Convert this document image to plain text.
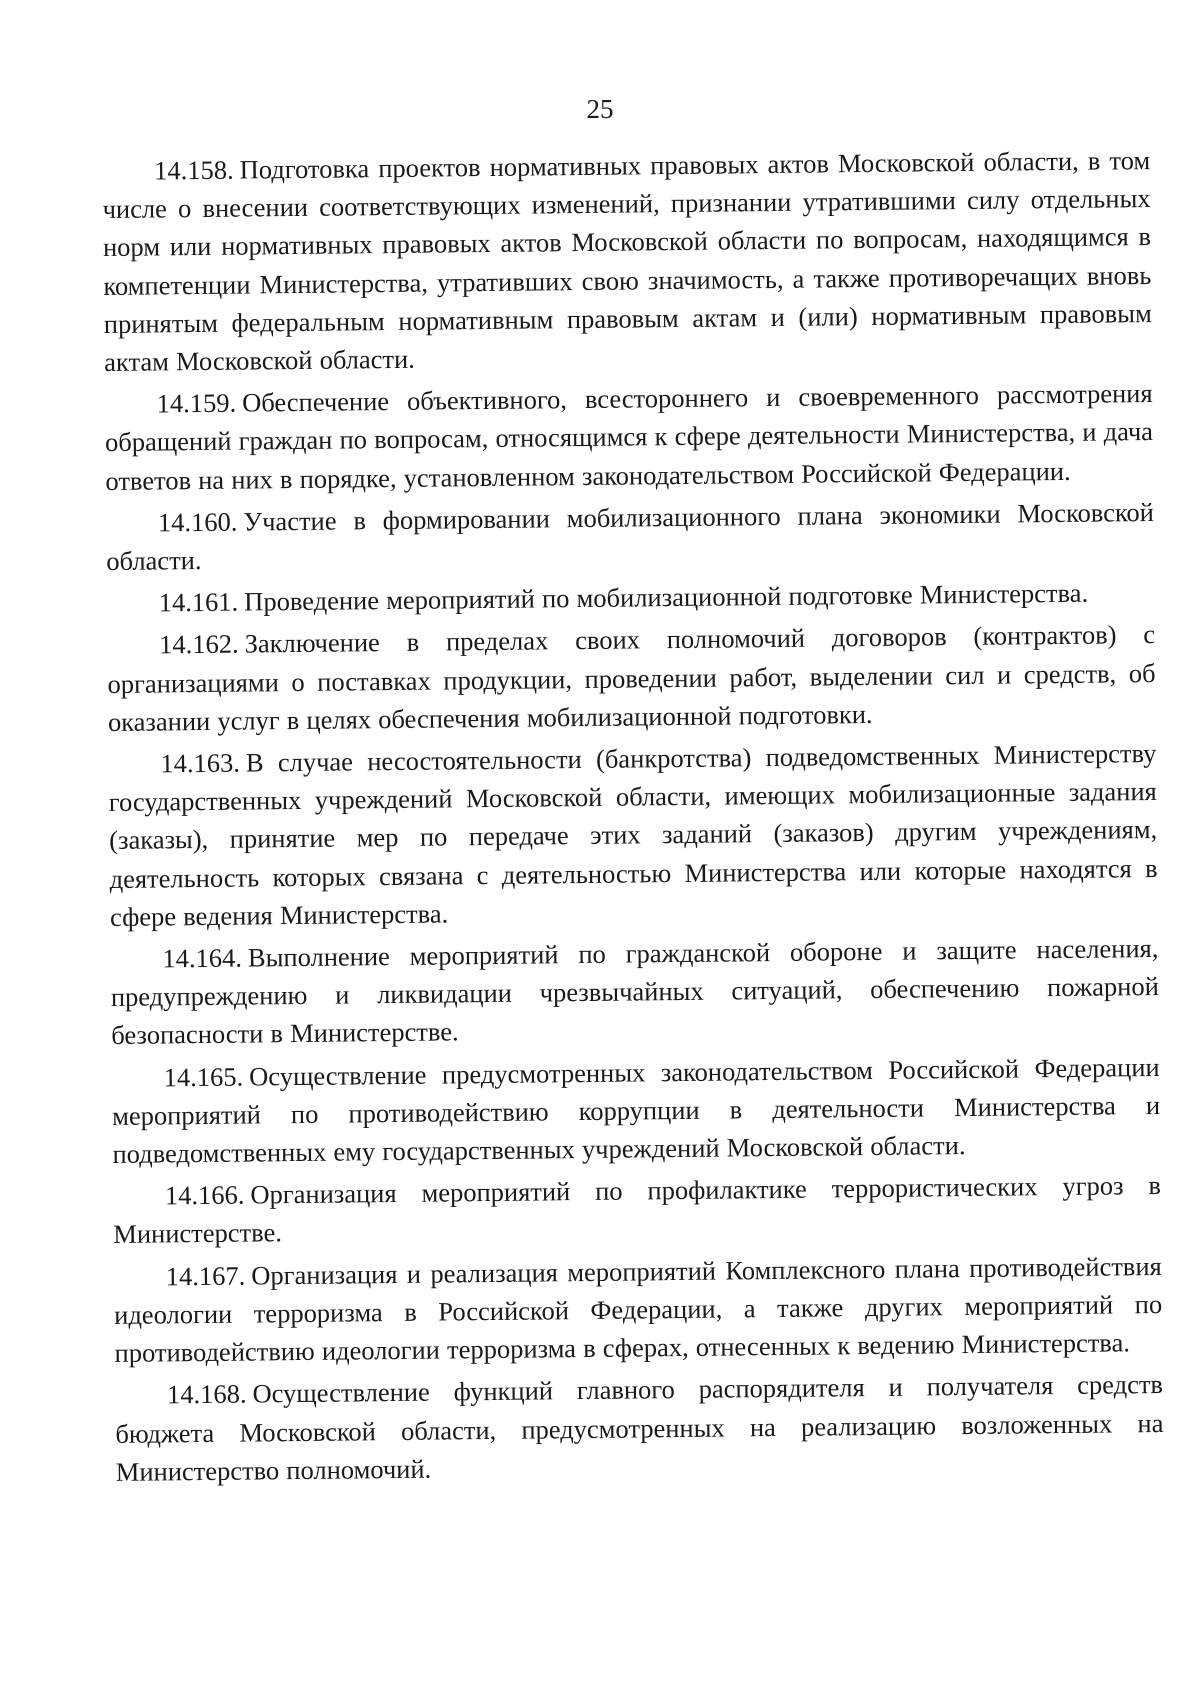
25

14.158. Подготовка проектов нормативных правовых актов Московской области, в том числе о внесении соответствующих изменений, признании утратившими силу отдельных норм или нормативных правовых актов Московской области по вопросам, находящимся в компетенции Министерства, утративших свою значимость, а также противоречащих вновь принятым федеральным нормативным правовым актам и (или) нормативным правовым актам Московской области.

14.159. Обеспечение объективного, всестороннего и своевременного рассмотрения обращений граждан по вопросам, относящимся к сфере деятельности Министерства, и дача ответов на них в порядке, установленном законодательством Российской Федерации.

14.160. Участие в формировании мобилизационного плана экономики Московской области.

14.161. Проведение мероприятий по мобилизационной подготовке Министерства.

14.162. Заключение в пределах своих полномочий договоров (контрактов) с организациями о поставках продукции, проведении работ, выделении сил и средств, об оказании услуг в целях обеспечения мобилизационной подготовки.

14.163. В случае несостоятельности (банкротства) подведомственных Министерству государственных учреждений Московской области, имеющих мобилизационные задания (заказы), принятие мер по передаче этих заданий (заказов) другим учреждениям, деятельность которых связана с деятельностью Министерства или которые находятся в сфере ведения Министерства.

14.164. Выполнение мероприятий по гражданской обороне и защите населения, предупреждению и ликвидации чрезвычайных ситуаций, обеспечению пожарной безопасности в Министерстве.

14.165. Осуществление предусмотренных законодательством Российской Федерации мероприятий по противодействию коррупции в деятельности Министерства и подведомственных ему государственных учреждений Московской области.

14.166. Организация мероприятий по профилактике террористических угроз в Министерстве.

14.167. Организация и реализация мероприятий Комплексного плана противодействия идеологии терроризма в Российской Федерации, а также других мероприятий по противодействию идеологии терроризма в сферах, отнесенных к ведению Министерства.

14.168. Осуществление функций главного распорядителя и получателя средств бюджета Московской области, предусмотренных на реализацию возложенных на Министерство полномочий.
